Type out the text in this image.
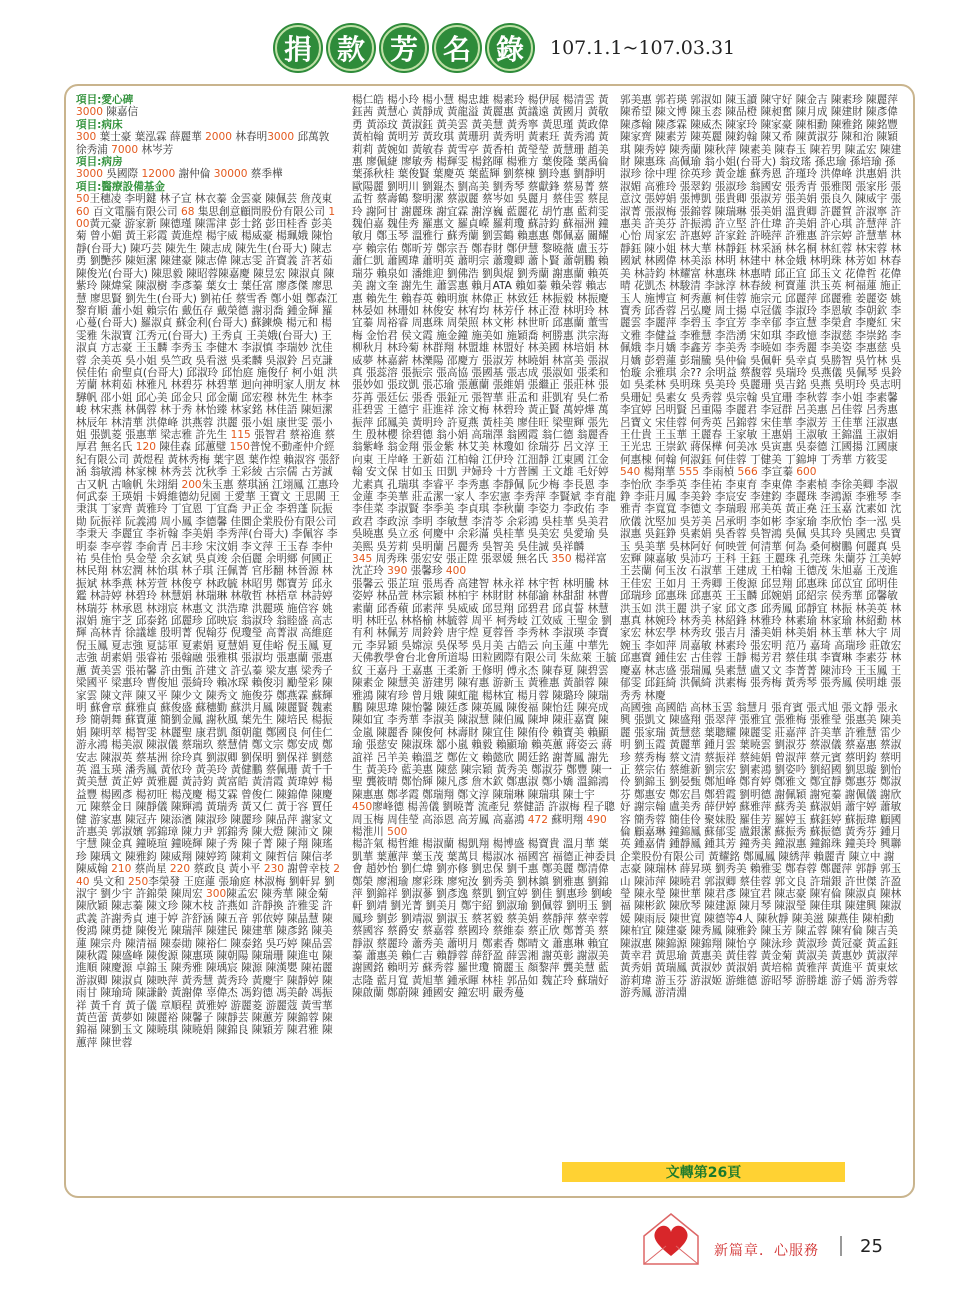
捐 款 芳 名 錄	107.1.1~107.03.31

項目:愛心碑

3000 陳嘉信

項目:病床

300 葉士豪 葉泓霖 薛麗華 2000 林春明3000 邱萬敦 徐秀浦 7000 林岑芳

項目:病房

3000 吳國際 12000 謝仲倫 30000 蔡季樺

項目:醫療設備基金

50王穗凌 李明鍵 林子宣 林衣蓁 金雲豪 陳佩芸 詹茂東 60 百文電腦有限公司 68 集思創意顧問股份有限公司 100黃元豪 游家新 陳德瑾 陳霈津 彭士銘 彭田桂香 彭美菊 曾小媚 黃王彩霞 黃進煌 楊宇威 楊威豪 楊珮娥 陳怡靜(台哥大) 陳巧芸 陳先生 陳志成 陳先生(台哥大) 陳志勇 劉艷莎 陳姮潔 陳建豪 陳志偉 陳志雯 許寶義 許茗茹 陳俊光(台哥大) 陳思毅 陳昭蓉陳嘉慶 陳昱宏 陳淑貞 陳紫玲 陳煒棠 陳淑樹 李彥蓁 葉女士 葉任富 廖彥傑 廖思慧 廖思賢 劉先生(台哥大) 劉祐任 蔡雪香 鄭小姐 鄭森江 黎育順 蕭小姐 賴宗佑 戴伍存 戴榮德 謝羽喬 鍾金輝 羅心蔓(台哥大) 羅淑貞 蘇金利(台哥大) 蘇鍊煥 楊元和 楊雯雅 朱淑寶 江秀元(台哥大) 王秀貞 王美娥(台哥大) 王淑貞 方志豪 王玉麟 李秀玉 李健木 李淑慎 李瑞妙 沈佳蓉 余美英 吳小姐 吳竺政 吳看滋 吳柔麟 吳淑鈴 呂克謙 侯佳佑 俞聖貞(台哥大) 邱淑玲 邱怡庭 施俊仔 柯小姐 洪芳蘭 林莉茹 林雅凡 林碧芬 林碧華 迴向神明家人朋友 林驊帆 邵小姐 邱心美 邱金只 邱金蘭 邱宏穆 林先生 林李峻 林宋燕 林偶蓉 林于秀 林怡臻 林家銘 林佳語 陳姮潔 林辰年 林清華 洪偉峰 洪燕蓉 洪麗 張小姐 康世雯 張小姐 張凱菱 張惠華 梁志雅 許先生 115 張智君 蔡裕進 蔡厚君 無名氏 120 陳佳森 邱蕙璧 150普悅不動產仲介經紀有限公司 黃煜程 黃林秀梅 葉宇恩 葉作煌 賴淑容 張舒涵 翁敏鴻 林家棟 林秀芸 沈秋季 王彩綾 古宗儒 古芳誠 古又帆 古喻帆 朱翊絹 200朱玉惠 蔡琪涵 江翊鳳 江惠玲 何武泰 王瑛娟 卡姆維德幼兒園 王愛華 王寶文 王思闕 王秉淇 丁家齊 黃雅玲 丁宜恩 丁宜喬 尹正金 李碧蓬 阮振勛 阮振祥 阮義鴻 周小鳳 李德馨 佳圜企業股份有限公司 李秉天 李麗宜 李祈翰 李美娟 李秀萍(台哥大) 李佩容 李明泰 李亭蓉 李俞青 呂丰珍 宋汶娟 李文萍 王玉春 李仲祐 吳佳怡 吳金瑩 余玄斌 吳貞竣 余佰麗 余明鄉 何國正 林民翔 林宏潤 林怡琪 林子琪 汪佩菁 官彤翻 林晉源 林振斌 林季燕 林芳萱 林俊亨 林政毓 林昭男 鄭寶芳 邱永鑑 林詩婷 林碧玲 林慧娟 林瑞琳 林敬哲 林梧章 林詩婷 林瑞芬 林承恩 林翊宸 林惠文 洪浩瑋 洪麗瑛 施倍容 姚淑娟 施宇芝 邱泰銘 邱麗珍 邱映宸 翁淑玲 翁睦盛 高志輝 高林青 徐議雄 殷明菁 倪翰芬 倪瓊瑩 高菁淑 高維庭 倪玉鳳 夏志強 夏誌軍 夏素娟 夏慧娟 夏佳峪 倪玉鳳 夏志強 胡素娟 張睿祐 張翰融 張雅棋 張淑均 張惠蘭 張惠蕙 黃美雲 張祐馨 許由甄 許建文 許弘蓁 梁友惠 梁秀子 梁國平 梁惠玲 曹俊旭 張綺玲 賴冰琛 賴俊羽 勵瑩彩 陳家雲 陳文萍 陳又平 陳少文 陳秀文 施俊芬 鄭燕霖 蘇輝明 蘇會章 蘇雅貞 蘇俊盛 蘇穗勤 蘇洪月鳳 陳麗賢 魏素珍 簡朝舞 蘇寶蓮 簡劉金鳳 謝秋風 葉先生 陳培民 楊振娟 陳明萃 楊智雯 林麗聖 康君凱 顏朝龍 鄭國良 何佳仁 游永鴻 楊美淑 陳淑儀 蔡瑞玖 蔡慧倩 鄭文宗 鄭安成 鄭安志 陳淑英 蔡基洲 徐玲真 劉淑卿 劉保明 劉保祥 劉慈英 溫玉瑛 潘秀鳳 黃依玲 黃美玲 黃健鵬 蔡佩珊 黃千千 黃美慧 黃芷婷 黃雅麗 黃詩鈞 黃富皓 黃清霞 黃瑋婷 楊益豐 楊國彥 楊初旺 楊茂慶 楊艾霖 曾俊仁 陳錦偉 陳慶元 陳蔡金日 陳靜儀 陳輝鴻 黃瑞秀 黃又仁 黃于容 賈任健 游家惠 陳冠卉 陳添濱 陳淑珍 陳麗珍 陳品萍 謝家文 許惠美 郭淑嬪 郭錦璋 陳力尹 郭錦秀 陳大燈 陳沛文 陳宇慧 陳金真 鐘曉瑄 鐘曉輝 陳子秀 陳子菁 陳子翔 陳瑤珍 陳瑀文 陳雅鈞 陳威翔 陳婷筠 陳莉文 陳哲信 陳信孝 陳威翰 210 蔡尚星 220 蔡政良 黃小平 230 謝曾幸枝 240 吳文和 250李榮發 王庭蓮 張瑜庭 林淑梅 劉軒昇 劉淑宇 劉少宇 許錦榮 陳周宏 300陳孟宏 陳秀華 陳金菊 陳欣穎 陳志蓁 陳文珍 陳木枝 許燕如 許靜換 許雅雯 許武義 許謝秀貞 連于婷 許舒涵 陳五音 郭依婷 陳晶慧 陳俊鴻 陳勇捷 陳俊光 陳瑞萍 陳建民 陳建華 陳彥銘 陳美蓮 陳宗舟 陳清福 陳泰勛 陳裕仁 陳泰銘 吳巧婷 陳品雲 陳秋霞 陳盛峰 陳俊源 陳惠瑛 陳朝陽 陳瑞珊 陳進屯 陳進順 陳慶源 卓錦玉 陳秀雅 陳瑀宸 陳源 陳漢嬰 陳祐麗 游淑卿 陳淑貞 陳映萍 黃秀慧 黃秀玲 黃慶宇 陳靜婷 陳雨甘 陳瑜琦 陳謙齡 黃謝偉 辜偉杰 馮鈞德 馮美齡 馮振祥 黃千育 黃子儀 章順程 黃雅婷 游麗菱 游麗蔻 黃雪華 黃芭蕾 黃夢如 陳麗裕 陳馨子 陳靜芸 陳蕙芳 陳錦蓉 陳錦福 陳劉玉文 陳曉琪 陳曉娟 陳錦良 陳穎芳 陳君雅 陳蕙萍 陳世蓉

楊仁皓 楊小玲 楊小慧 楊忠雄 楊素玲 楊伊展 楊清雲 黃鈺茜 黃慧心 黃靜成 黃龍溢 黃麗惠 黃議遠 黃國月 黃敬勇 黃添玟 黃淑鈺 黃美雲 黃美慧 黃秀寧 黃思瑾 黃政偉 黃柏翰 黃明芳 黃玫琪 黃珊玥 黃秀明 黃素玨 黃秀鴻 黃莉莉 黃婉如 黃敏春 黃雪亭 黃香柏 黃瑩瑩 黃慧珊 趙美惠 廖佩緁 廖敏秀 楊輝雯 楊銘暉 楊雅方 葉俊隆 葉禹倫 葉孫秋桂 葉俊賢 葉慶英 葉藍輝 劉蔡棟 劉玲惠 劉靜明 歐陽麗 劉明川 劉錕杰 劉高美 劉秀琴 蔡獻鋒 蔡易菁 蔡孟哲 蔡壽鶴 黎明潔 蔡淑麗 蔡岑如 吳麗月 蔡佳雲 蔡昆玲 謝阿甘 謝麗珠 謝宜霖 謝淳巍 藍麗花 胡竹惠 藍莉雯 魏伯嘉 魏佳秀 羅惠文 羅貞嶸 羅莉瓊 蘇詩鈞 蘇福洲 鐘敏月 鄭玉琴 溫雅行 蘇秀蘭 劉雲鶴 賴惠惠 鄭佩嘉 關耀亭 賴宗佑 鄭昕芳 鄭宗吾 鄭春財 鄭伊慧 黎曉薇 盧玉芬 蕭仁凱 蕭國瑋 蕭明英 蕭明宗 蕭瓊卿 蕭卜賢 蕭朝鵬 賴瑞芬 賴泉如 潘維迎 劉佛浩 劉與焜 劉秀蘭 謝惠蘭 賴英美 謝文奎 謝先生 蕭雲惠 賴月ATA 賴如蓁 賴朵蓉 賴志惠 賴先生 賴春英 賴明旗 林偉正 林致廷 林振毅 林振慶 林晏如 林珊如 林俊安 林宥均 林芳伃 林正澄 林明玲 林宜蓁 周裕睿 周惠珠 周榮照 林文彬 林世昕 邱惠蘭 董雪梅 金怡君 侯文霞 施金鐘 施美如 施穎喬 柯勝惠 洪宗海 柳秋月 林玲菊 林群翔 林盟雄 林盟好 林美國 林培娟 林威夢 林嘉薪 林濼陽 邵慶方 張淑芳 林曉娟 林富美 張淑真 張蕊溶 張振宗 張高協 張國基 張志成 張淑如 張柔和 張妙如 張玟凱 張芯瑜 張蕙蘭 張維娟 張繼正 張莊林 張芬苒 張廷伝 張香 張鉦元 張智華 莊孟和 莊凱宥 吳仁希 莊碧雲 王德宇 莊進祥 涂文梅 林碧玲 黃正賢 萬婷燁 萬振萍 邱鳳美 黃明玲 許夏燕 黃桂美 廖佳旺 梁聖輝 張先生 殷林櫻 徐碧德 翁小娟 高瑞澤 翁國霞 翁仁德 翁麗香 翁紫峰 翁金翔 張金紫 林艾美 林瓊如 徐瑞芬 呂文淳 王向東 王岸峰 王新茹 江柏翰 江伊玲 江沺靜 江東國 江金翰 安文保 甘如玉 田凱 尹婦玲 十方普團 王文雄 毛好婷 尤素真 孔瑞琪 李睿平 李秀惠 李靜佩 阮少梅 李長恩 李金蓮 李美華 莊孟潔一家人 李宏憲 李秀萍 李賢斌 李育龍 李佳菜 李淑賢 李季美 李貞琪 李秋蘭 李姿力 李政佑 李政君 李政涼 李明 李敏慧 李清苓 余彩鴻 吳桂華 吳美君 吳曉惠 吳立丞 何慶中 余彩滿 吳桂華 吳美宏 吳愛瑜 吳美熙 吳芳莉 吳明蘭 呂麗秀 吳智美 吳佳誠 吳祥麟

345 周秀珠 張宏安 張正陞 張翠媛 無名氏 350 楊祥富 沈芷玲 390 張馨珍 400

張馨云 張芷瑄 張馬香 高建智 林永祥 林宇哲 林明騰 林姿婷 林品萱 林宗穎 林柏宇 林財財 林郁諭 林甜甜 林曹素蘭 邱香蘋 邱素萍 吳威威 邱昱翔 邱碧君 邱貞誓 林慧明 林旺弘 林格榆 林毓蓉 周平 柯秀岐 江效威 王聖金 劉有利 林佩芳 周鈴鈴 唐宇煌 夏蓉晉 李秀林 李淑瑛 李寶元 李昇穎 吳嫦涼 吳保琴 吳月美 古皓云 向玉蓮 中華先天佛教學會台北會所道場 田粒國際有限公司 朱紘萊 王毓紋 王嘉丹 王嘉惠 王柔新 王修明 傅永杰 陳春夏 陳碧雲 陳素金 陳慧美 游建男 陳宥惠 游新玉 黃雅惠 黃韻蓉 陳雅鴻 陳宥珍 曾月娥 陳虹龍 楊林宜 楊月蓉 陳璐玲 陳瑞鵬 陳思瑋 陳怡馨 陳廷彥 陳英鳳 陳俊福 陳怡廷 陳亮成 陳如宜 李秀華 李淑美 陳淑慧 陳伯鳳 陳坤 陳莊嘉寶 陳金嵐 陳麗香 陳俊何 林壽財 陳宜佳 陳侑伶 賴寶美 賴顯瑜 張慈安 陳淑珠 鄒小嵐 賴毅 賴顯瑜 賴英蕙 蔣姿云 蔣誼祥 呂羊美 賴溫芝 鄭佐文 賴懿欣 闕廷銘 謝菁鳳 謝先生 黃美玲 藍美惠 陳慈 陳宗穎 黃秀美 鄭淑芬 鄭豐 陳一聖 龔筱晴 鄭怡輝 陳凡彥 詹木欽 鄭惠淑 鄭小嬌 溫錦鴻 陳惠惠 鄭孝霞 鄭瑞翔 鄭文淳 陳瑞琳 陳瑞琪 陳士宇

450廖峰德 楊善儀 劉曉菁 流產兒 蔡健語 許淑梅 程子聰 周玉梅 周佳瑩 高添恩 高芳鳳 高嘉鴻 472 蘇明翔 490 楊淮川 500

楊許氣 楊哲維 楊淑蘭 楊凱翔 楊博盛 楊寶貴 溫月華 葉凱華 葉蕙萍 葉玉茂 葉萬貝 楊淑冰 福國宮 福德正神委員會 趙妙怡 劉仁煒 劉亦修 劉忠保 劉千惠 鄭美麗 鄭清偉 鄭榮 廖湘瑜 廖彩珠 廖宛汝 劉秀美 劉林鎮 劉雅惠 劉錦萍 劉錦祥 劉淑蔘 劉彥逸 蔡凱 劉宜婷 劉佳 劉惠珍 劉峻軒 劉靖 劉光菁 劉美月 鄭宇紹 劉淑瑜 劉佩蓉 劉明玉 劉鳳珍 劉彭 劉靖淑 劉淑玉 蔡茗毅 蔡美娟 蔡靜萍 蔡幸蓉 蔡國容 蔡爵安 蔡嘉蓉 蔡國玲 蔡維泰 蔡正欣 鄭菁美 蔡靜淑 蔡麗玲 蕭秀美 蕭明月 鄭素香 鄭晴文 蕭惠琳 賴宜蓁 蕭惠美 賴仁吉 賴靜蓉 薛舒盈 薛雲湘 謝英彰 謝淑美 謝國銘 賴明芳 蘇秀蓉 羅世瓊 簡麗玉 顏黎萍 龔美慧 藍志隆 藍月寬 黃旭華 鍾承暉 林桂 郭品如 魏芷玲 蘇瑞好 陳啟蘭 鄭蔚陳 鍾國安 鐘宏明 嚴秀蔓

郭美惠 郭若瑛 郭淑如 陳玉讀 陳守好 陳金吉 陳素珍 陳麗萍 陳希望 陳文博 陳玉枩 陳品橙 陳昶奮 陳月成 陳建財 陳彥偉 陳彥翰 陳彥霖 陳威杰 陳家玲 陳家豪 陳相勳 陳雅銘 陳銘豐 陳家齊 陳素芳 陳英麗 陳鈞翰 陳又希 陳黃淑芬 陳和治 陳穎琪 陳秀婷 陳秀蘭 陳秋萍 陳素美 陳春玉 陳若男 陳孟宏 陳建財 陳惠珠 高佩瑜 翁小姐(台哥大) 翁玟瑤 孫忠瑜 孫培瑜 孫淑珍 徐中理 徐英珍 黃金雄 蘇秀恩 許瑾玲 洪偉峰 洪惠娟 洪淑媚 高雅玲 張翠鈞 張淑珍 翁國安 張秀青 張雅閔 張家彤 張意汶 張婷娟 張博凱 張貴卿 張淑芳 張美娟 張良久 陳威宇 張淑菁 張淑梅 張錦蓉 陳瑞琳 張美娟 溫貴卿 許麗賀 許淑寧 許惠美 許美芬 許振鴻 許立堅 許仕瑋 許美娟 許心琪 許慧萍 許心怡 周家宏 許惠婷 許家銓 許曉萍 許雅惠 許宗婷 許慧華 林靜鈺 陳小姐 林大華 林靜鈺 林采涵 林名桐 林紅蓉 林宋蓉 林國斌 林國偉 林美添 林明 林建中 林金娥 林明珠 林芳如 林春美 林詩鈞 林耀富 林惠珠 林惠晴 邱正宜 邱玉文 花偉哲 花偉晴 花凱杰 林駿清 李詠淳 林春綾 柯寶蓮 洪玉英 柯福蓮 施正玉人 施博宣 柯秀蕙 柯佳蓉 施宗元 邱麗萍 邱麗雅 姜麗姿 姚寶秀 邱香蓉 呂弘慶 周士揚 卓冠儀 李淑玲 李恩敏 李朝欽 李麗雲 李麗萍 李碧玉 李宜芳 李幸郁 李宣慧 李榮倉 李慶紅 宋文雅 李健益 李雅慧 李浩湧 宋如琪 李政憶 李淑慈 李崇銘 李佩娥 李月嬌 李鑫芳 李美秀 李曉如 李秀麗 李美姿 李惠慈 吳月嬌 彭碧蓮 彭瑞騰 吳仲倫 吳佩軒 吳幸貞 吳勝智 吳竹林 吳怡璇 余雅琪 余?? 余明益 蔡馥蓉 吳瑞玲 吳燕儀 吳佩琴 吳鈴如 吳柔林 吳明珠 吳美玲 吳麗珊 吳吉銘 吳燕 吳明玲 吳志明 吳珊妃 吳素女 吳秀蓉 吳宗翰 吳宜珊 李秋蓉 李小姐 李素馨 李宜婷 呂明賢 呂重陽 李麗君 李冠群 呂美惠 呂佳蓉 呂秀惠 呂寶文 宋佳蓉 何秀英 呂錦蓉 宋佳華 李淑芳 王佳華 汪淑惠 王仕貴 王玉華 王麗春 王家敏 王惠娟 王淑敏 王錦溫 王淑娟 王光忠 王崇欽 蔣保樺 何美冰 吳寅惠 吳泰德 江國揚 江國康 何惠棟 何翰 何淑鈺 何佳蓉 丁健美 丁錦坤 丁秀華 方筱雯

540 楊翔華 555 李雨楨 566 李宣蓁 600

李怡欣 李季英 李佳祐 李東育 李東偉 李素楨 李徐美卿 李淑錚 李莊月鳳 李美鈴 李宸安 李建鈞 李麗珠 李鴻源 李雅琴 李雅青 李寬寬 李德文 李瑞瑕 邢美英 黃正堯 汪玉嘉 沈素如 沈欣儀 沈堅加 吳芳美 呂承明 李如彬 李家瑜 李欣怡 李一泓 吳淑惠 吳鈺錚 吳素娟 吳香蓉 吳智鴻 吳佩 吳其玲 吳國忠 吳寶玉 吳美華 吳林阿好 何映萱 何清華 何為 桑何樹鵬 何麗真 吳宏輝 陳嘉敏 吳沛巧 王科 王鈺 王麗珠 孔莞珠 朱蘭芬 江美婷 王芸蘭 何玉汝 石淑華 王建成 王柏翰 王德茂 朱旭嘉 王茂進 王佳宏 王如月 王秀卿 王俊源 邱昱翔 邱惠珠 邱苡宜 邱明佳 邱瑞珍 邱惠珠 邱惠英 王玉麟 邱婉娟 邱紹宗 侯秀華 邱馨敏 洪玉如 洪王麗 洪子家 邱文彥 邱秀鳳 邱靜宜 林振 林美英 林惠真 林婉玲 林秀美 林紹鋒 林雅玲 林素瑜 林家瑜 林紹勳 林家宏 林宏學 林秀玫 張吉月 潘美娟 林美娟 林玉華 林大宇 周婉玉 李如萍 周嘉敏 林素玲 張宏明 范乃 嘉琦 高瑞珍 莊啟宏 邱惠寶 鍾佳宏 古佳蓉 王靜 楊芳君 蔡佳琪 李寶琳 李素芬 林慶嘉 林志盛 張瑞鳳 吳素慧 盧又文 李菁菁 陳沛玲 王玉鳳 王郁雯 邱鈺綺 洪佩綺 洪素梅 張秀梅 黃秀琴 張秀鳳 侯明雄 張秀秀 林慶

高國強 高國皓 高林玉雲 翁慧月 張育賓 張式旭 張文靜 張永興 張凱文 陳盛翔 張翠萍 張雅宜 張雅梅 張雅瑩 張惠美 陳美麗 張家瑞 黃慧慈 葉聰耀 陳麗雯 莊嘉萍 許美華 許雅慧 雷少明 劉玉霞 黃麗華 鍾月雲 葉曉雲 劉淑芬 蔡淑儀 蔡嘉惠 蔡淑珍 蔡秀梅 蔡文清 蔡振祥 蔡純娟 曾淑萍 蔡元賓 蔡明鈞 蔡明正 蔡宗佑 蔡維新 劉宗宏 劉素鴻 劉姿吟 劉紹國 劉思璇 劉怡伶 劉錦玉 劉晏甄 鄭旭峰 鄭育婷 鄭雅文 鄭宜靜 鄭惠芬 鄭淑芬 鄭惠安 鄭宏昌 鄭碧霞 劉明德 謝佩穎 謝宛蓁 謝佩儀 謝欣妤 謝宗翰 盧美秀 薛伊婷 蘇雅萍 蘇秀美 蘇淑娟 蕭宇婷 蕭敏容 簡秀蓉 簡佳伶 聚妹股 羅佳芳 羅婷玉 蘇鈺婷 蘇振瑋 顧國倫 顧嘉琳 鐘錦鳳 蘇郁雯 盧銀潔 蘇振秀 蘇振德 黃秀芬 鍾月英 鍾嘉倩 鍾靜鳳 鍾其芳 鐘秀美 鐘淑惠 鐘錦珠 鐘美玲 興聯企業股份有限公司 黃耀銘 鄭鳳鳳 陳綉萍 賴麗青 陳立中 謝志豪 陳瑞林 薛昇瑛 劉秀美 賴雅雯 鄭春蓉 鄭麗萍 郭靜 郭玉山 陳沛萍 陳曉君 郭淑卿 蔡佳蓉 郭文良 許瑞銀 許世傑 許盈瑩 陳永瑩 陳世華 陳君彥 陳宜君 陳志豪 陳宥倫 陳淑貞 陳林福 陳彬欽 陳欣琴 陳建源 陳月琴 陳淑瑩 陳佳琪 陳建興 陳淑媛 陳雨辰 陳世寬 陳德等4人 陳秋靜 陳美滋 陳燕佳 陳柏勳 陳柏宜 陳建豪 陳秀鳳 陳雅鈴 陳玉芳 陳孟蓉 陳宥倫 陳吉美 陳淑惠 陳錦源 陳錦翔 陳怡亨 陳泳珍 黃淑珍 黃冠豪 黃孟鈺 黃幸君 黃思瑜 黃惠美 黃佳蓉 黃金菊 黃淑美 黃惠妙 黃淑萍 黃秀娟 黃瑞鳳 黃淑妙 黃淑娟 黃培棉 黃雅萍 黃進平 黃東炫 游莉瑋 游玉芬 游淑姬 游維德 游昭琴 游勝雄 游子嫣 游秀蓉 游秀鳳 游清淵

文轉第26頁
新篇章．心服務 25
